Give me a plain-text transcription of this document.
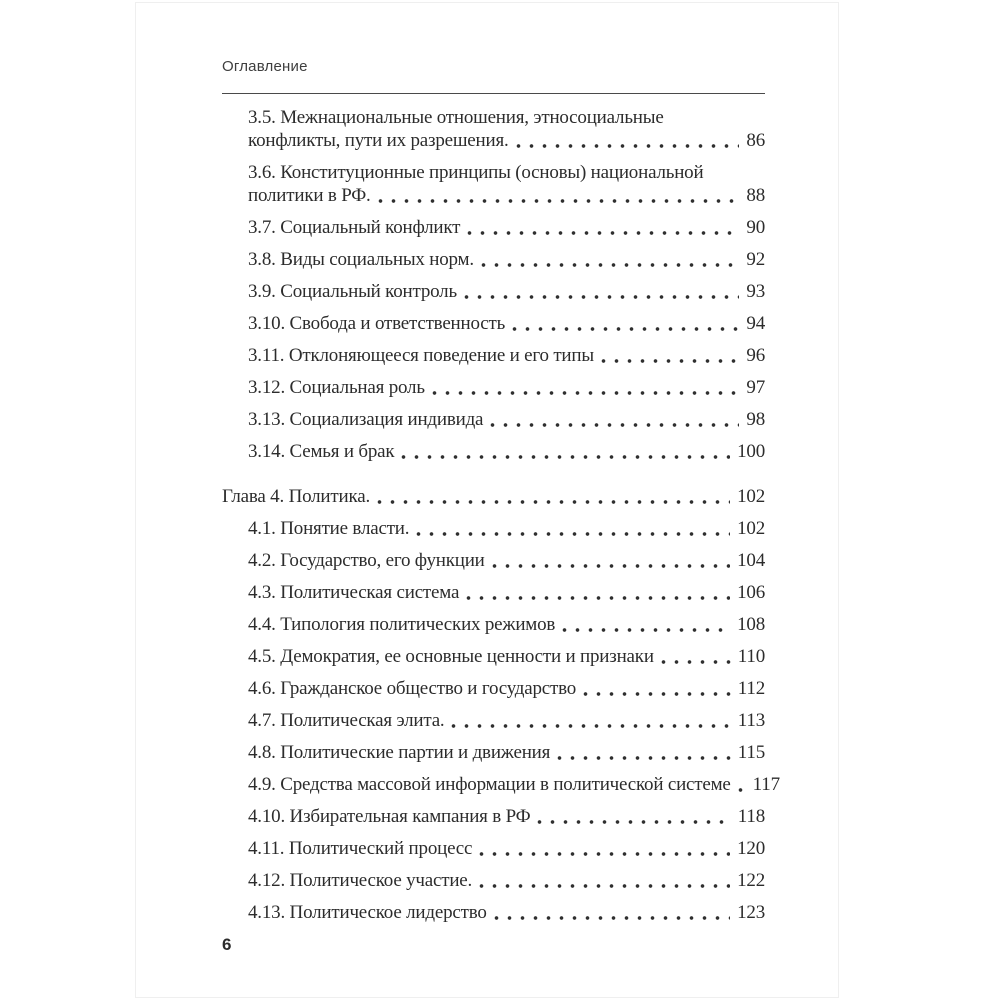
Оглавление
3.5. Межнациональные отношения, этносоциальные
конфликты, пути их разрешения.	86
3.6. Конституционные принципы (основы) национальной
политики в РФ.	88
3.7. Социальный конфликт	90
3.8. Виды социальных норм.	92
3.9. Социальный контроль	93
3.10. Свобода и ответственность	94
3.11. Отклоняющееся поведение и его типы	96
3.12. Социальная роль	97
3.13. Социализация индивида	98
3.14. Семья и брак	100
Глава 4. Политика.	102
4.1. Понятие власти.	102
4.2. Государство, его функции	104
4.3. Политическая система	106
4.4. Типология политических режимов	108
4.5. Демократия, ее основные ценности и признаки	110
4.6. Гражданское общество и государство	112
4.7. Политическая элита.	113
4.8. Политические партии и движения	115
4.9. Средства массовой информации в политической системе 117
4.10. Избирательная кампания в РФ	118
4.11. Политический процесс	120
4.12. Политическое участие.	122
4.13. Политическое лидерство	123
6
